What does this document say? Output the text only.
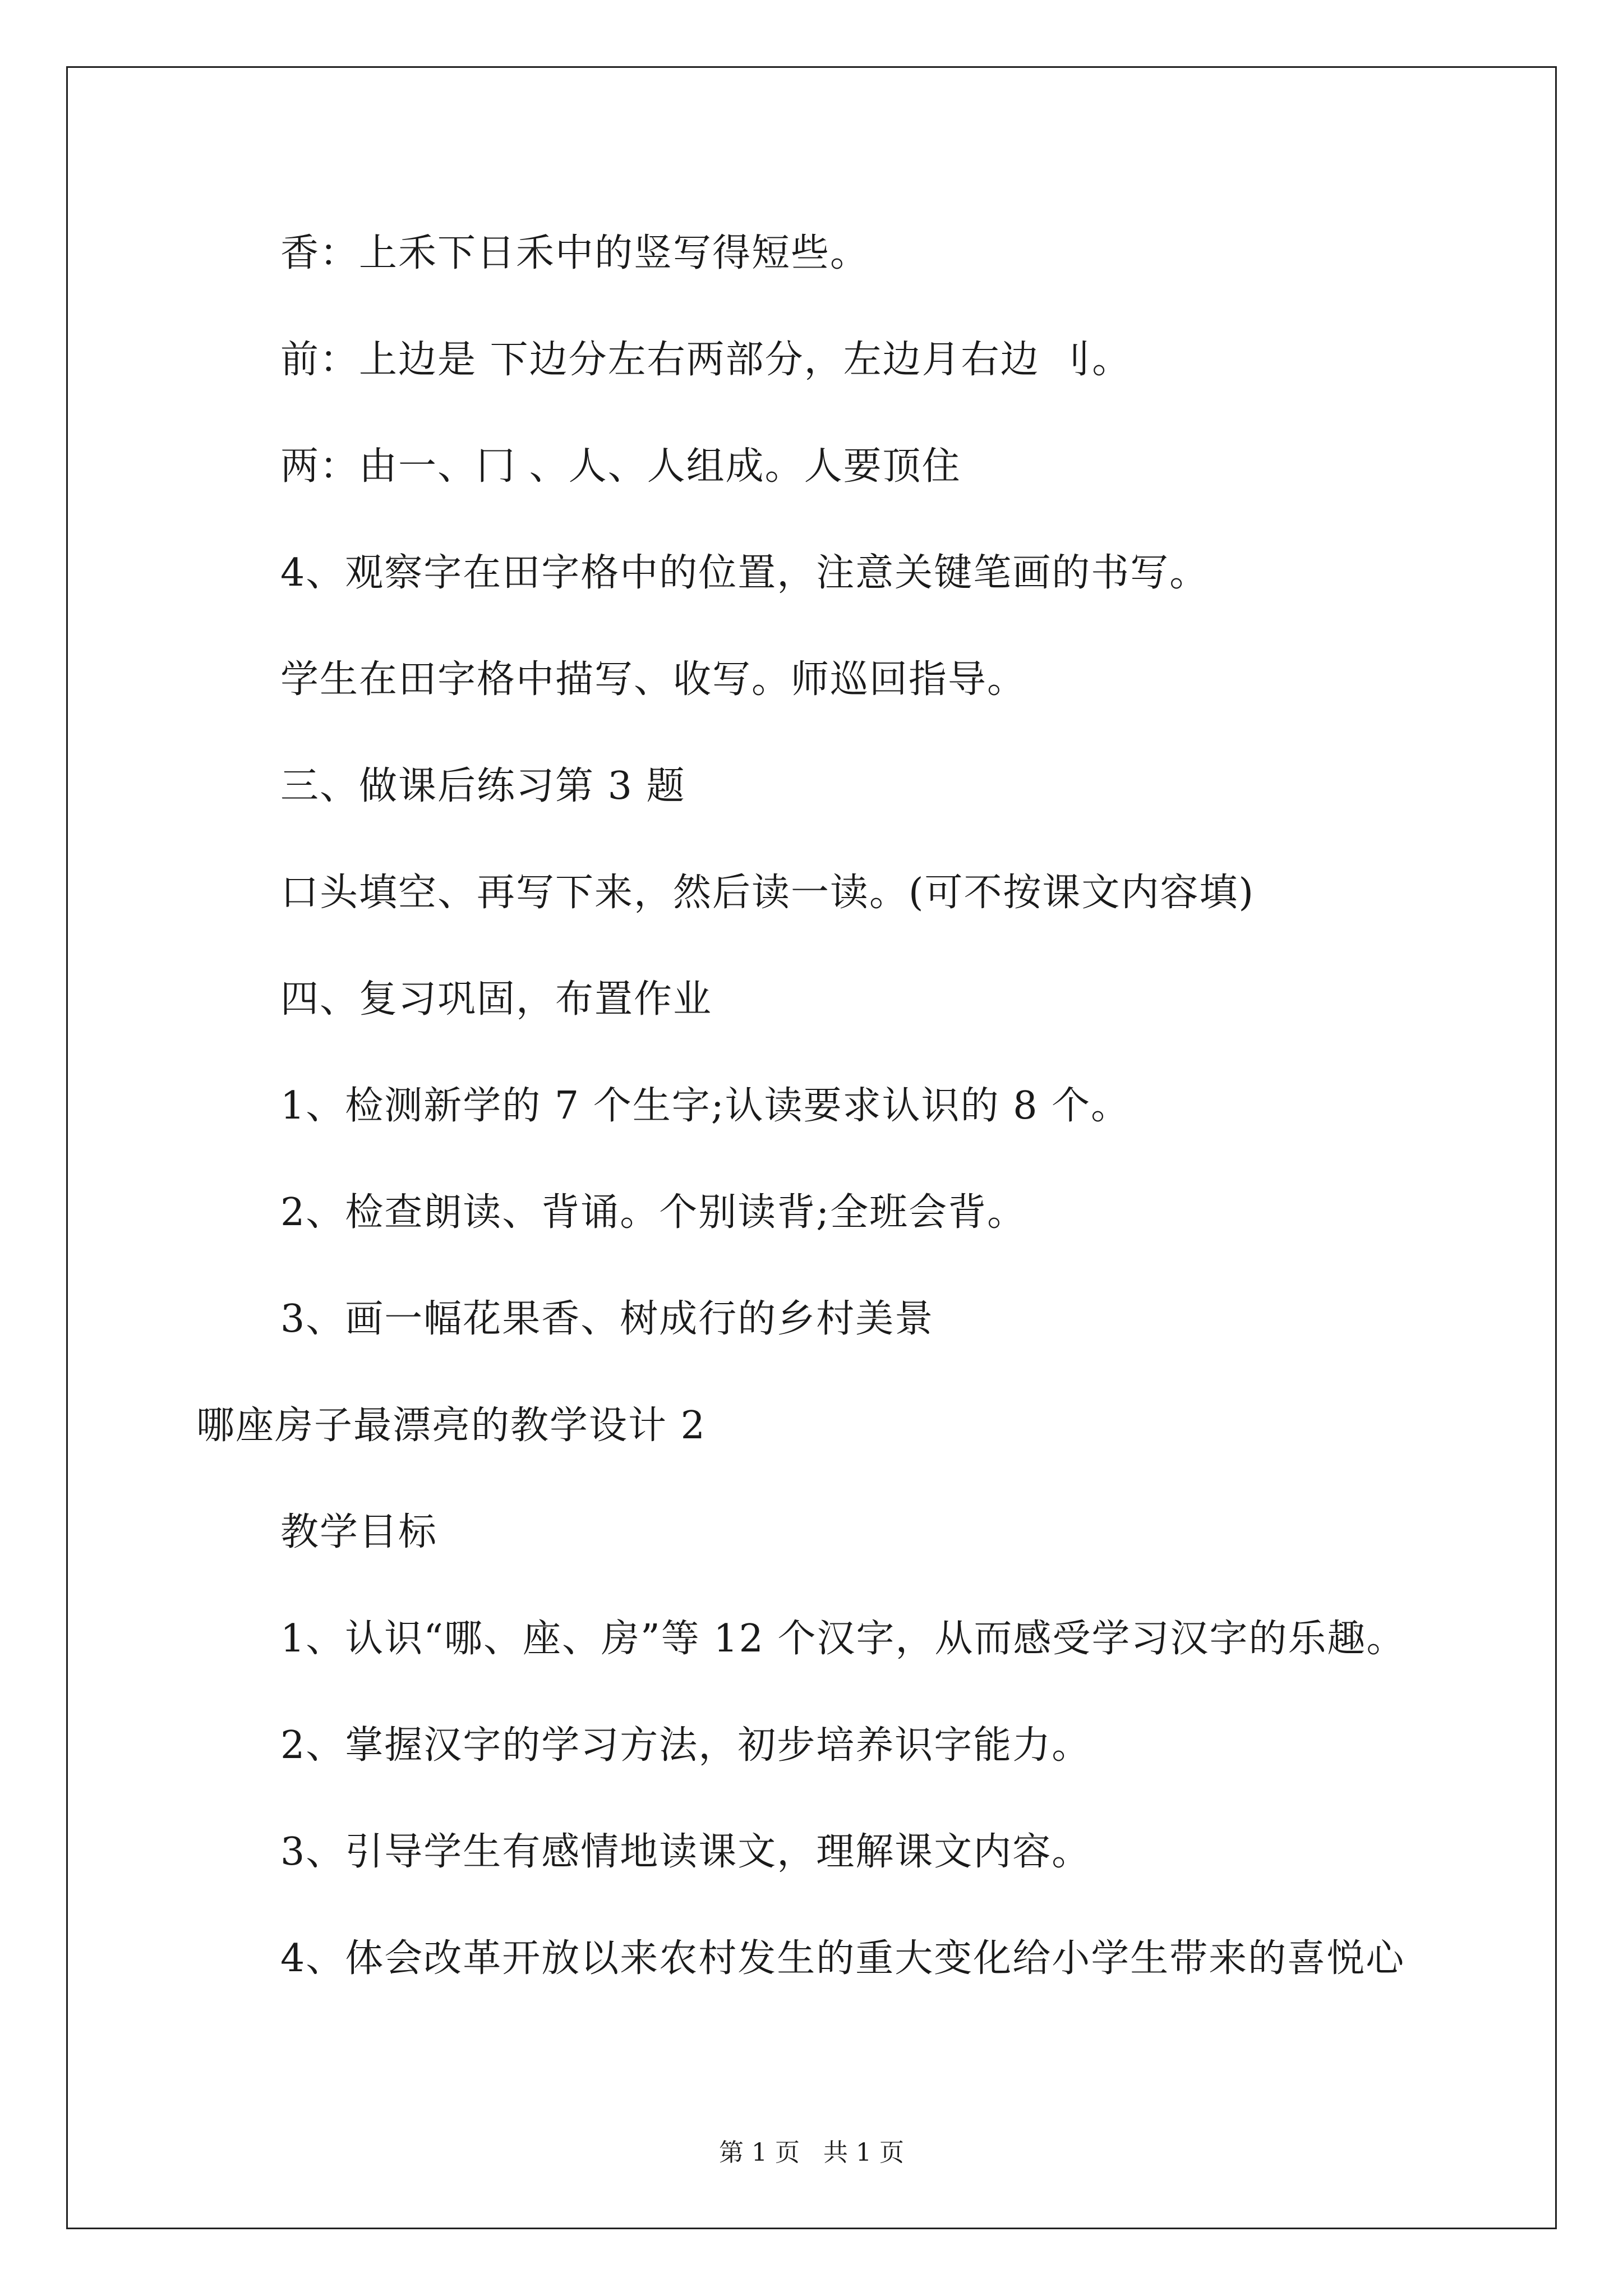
香：上禾下日禾中的竖写得短些。
前：上边是 下边分左右两部分，左边月右边 刂。
两：由一、冂 、人、人组成。人要顶住
4、观察字在田字格中的位置，注意关键笔画的书写。
学生在田字格中描写、收写。师巡回指导。
三、做课后练习第 3 题
口头填空、再写下来，然后读一读。(可不按课文内容填)
四、复习巩固，布置作业
1、检测新学的 7 个生字;认读要求认识的 8 个。
2、检查朗读、背诵。个别读背;全班会背。
3、画一幅花果香、树成行的乡村美景
哪座房子最漂亮的教学设计 2
教学目标
1、认识“哪、座、房”等 12 个汉字，从而感受学习汉字的乐趣。
2、掌握汉字的学习方法，初步培养识字能力。
3、引导学生有感情地读课文，理解课文内容。
4、体会改革开放以来农村发生的重大变化给小学生带来的喜悦心
第 1 页   共 1 页
